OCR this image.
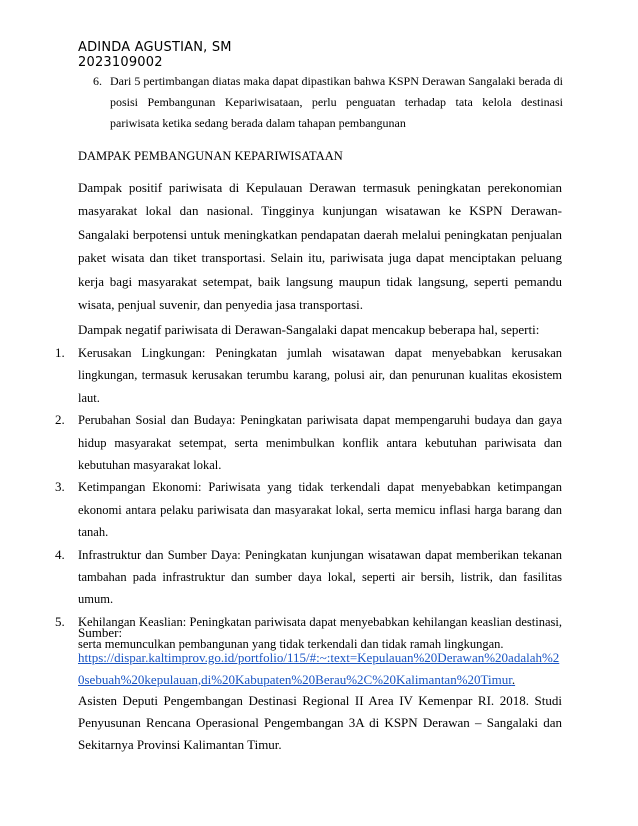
ADINDA AGUSTIAN, SM
2023109002
6. Dari 5 pertimbangan diatas maka dapat dipastikan bahwa KSPN Derawan Sangalaki berada di posisi Pembangunan Kepariwisataan, perlu penguatan terhadap tata kelola destinasi pariwisata ketika sedang berada dalam tahapan pembangunan
DAMPAK PEMBANGUNAN KEPARIWISATAAN
Dampak positif pariwisata di Kepulauan Derawan termasuk peningkatan perekonomian masyarakat lokal dan nasional. Tingginya kunjungan wisatawan ke KSPN Derawan-Sangalaki berpotensi untuk meningkatkan pendapatan daerah melalui peningkatan penjualan paket wisata dan tiket transportasi. Selain itu, pariwisata juga dapat menciptakan peluang kerja bagi masyarakat setempat, baik langsung maupun tidak langsung, seperti pemandu wisata, penjual suvenir, dan penyedia jasa transportasi.
Dampak negatif pariwisata di Derawan-Sangalaki dapat mencakup beberapa hal, seperti:
1. Kerusakan Lingkungan: Peningkatan jumlah wisatawan dapat menyebabkan kerusakan lingkungan, termasuk kerusakan terumbu karang, polusi air, dan penurunan kualitas ekosistem laut.
2. Perubahan Sosial dan Budaya: Peningkatan pariwisata dapat mempengaruhi budaya dan gaya hidup masyarakat setempat, serta menimbulkan konflik antara kebutuhan pariwisata dan kebutuhan masyarakat lokal.
3. Ketimpangan Ekonomi: Pariwisata yang tidak terkendali dapat menyebabkan ketimpangan ekonomi antara pelaku pariwisata dan masyarakat lokal, serta memicu inflasi harga barang dan tanah.
4. Infrastruktur dan Sumber Daya: Peningkatan kunjungan wisatawan dapat memberikan tekanan tambahan pada infrastruktur dan sumber daya lokal, seperti air bersih, listrik, dan fasilitas umum.
5. Kehilangan Keaslian: Peningkatan pariwisata dapat menyebabkan kehilangan keaslian destinasi, serta memunculkan pembangunan yang tidak terkendali dan tidak ramah lingkungan.
Sumber:
https://dispar.kaltimprov.go.id/portfolio/115/#:~:text=Kepulauan%20Derawan%20adalah%20sebuah%20kepulauan,di%20Kabupaten%20Berau%2C%20Kalimantan%20Timur.
Asisten Deputi Pengembangan Destinasi Regional II Area IV Kemenpar RI. 2018. Studi Penyusunan Rencana Operasional Pengembangan 3A di KSPN Derawan – Sangalaki dan Sekitarnya Provinsi Kalimantan Timur.
